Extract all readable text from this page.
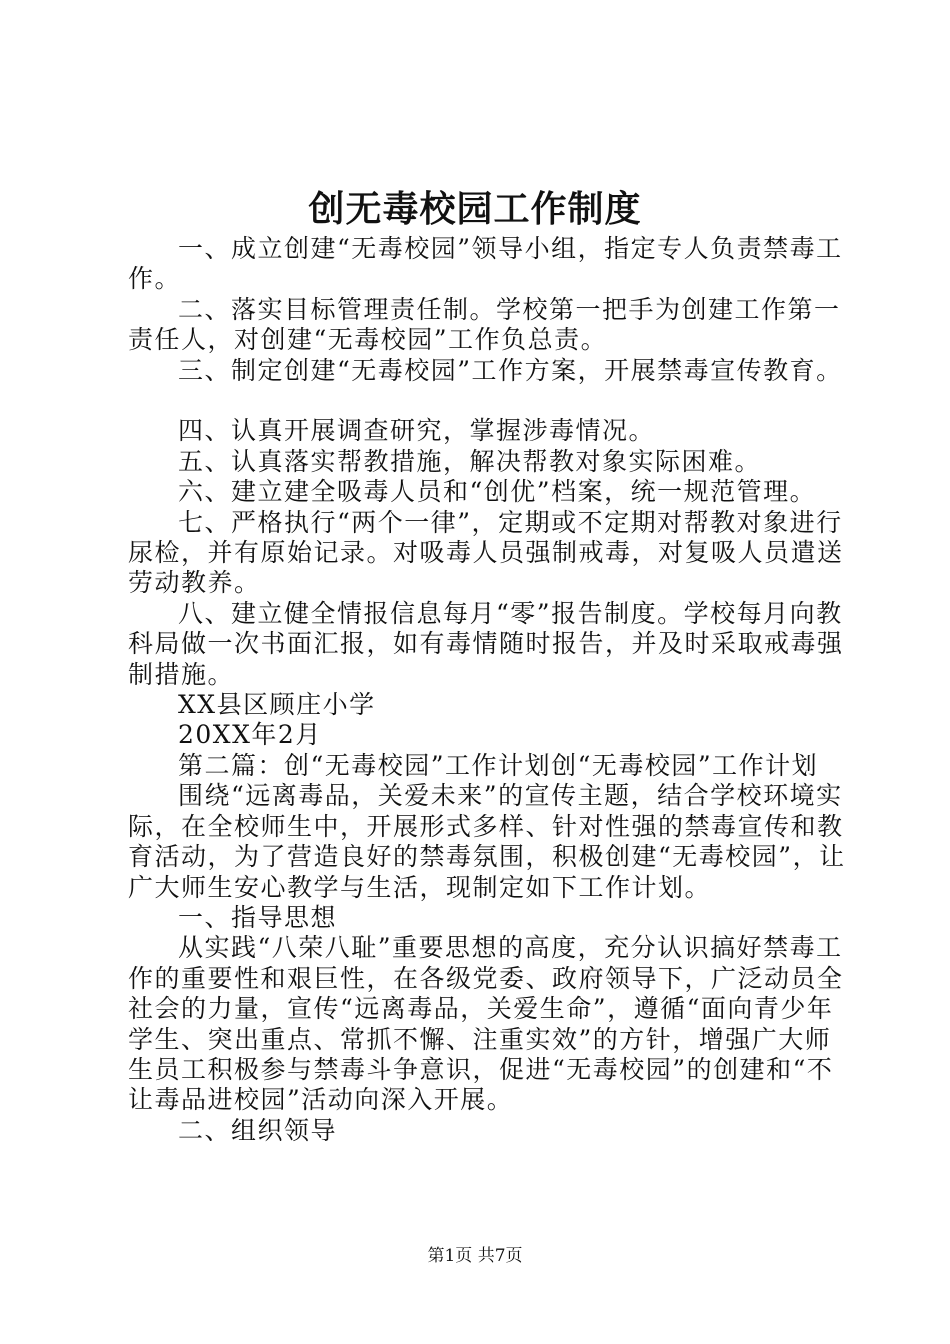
创无毒校园工作制度

一、成立创建“无毒校园”领导小组，指定专人负责禁毒工作。

二、落实目标管理责任制。学校第一把手为创建工作第一责任人，对创建“无毒校园”工作负总责。

三、制定创建“无毒校园”工作方案，开展禁毒宣传教育。

四、认真开展调查研究，掌握涉毒情况。

五、认真落实帮教措施，解决帮教对象实际困难。

六、建立建全吸毒人员和“创优”档案，统一规范管理。

七、严格执行“两个一律”，定期或不定期对帮教对象进行尿检，并有原始记录。对吸毒人员强制戒毒，对复吸人员遣送劳动教养。

八、建立健全情报信息每月“零”报告制度。学校每月向教科局做一次书面汇报，如有毒情随时报告，并及时采取戒毒强制措施。

XX县区顾庄小学

20XX年2月

第二篇：创“无毒校园”工作计划创“无毒校园”工作计划

围绕“远离毒品，关爱未来”的宣传主题，结合学校环境实际，在全校师生中，开展形式多样、针对性强的禁毒宣传和教育活动，为了营造良好的禁毒氛围，积极创建“无毒校园”，让广大师生安心教学与生活，现制定如下工作计划。

一、指导思想

从实践“八荣八耻”重要思想的高度，充分认识搞好禁毒工作的重要性和艰巨性，在各级党委、政府领导下，广泛动员全社会的力量，宣传“远离毒品，关爱生命”，遵循“面向青少年学生、突出重点、常抓不懈、注重实效”的方针，增强广大师生员工积极参与禁毒斗争意识，促进“无毒校园”的创建和“不让毒品进校园”活动向深入开展。

二、组织领导

第1页 共7页
